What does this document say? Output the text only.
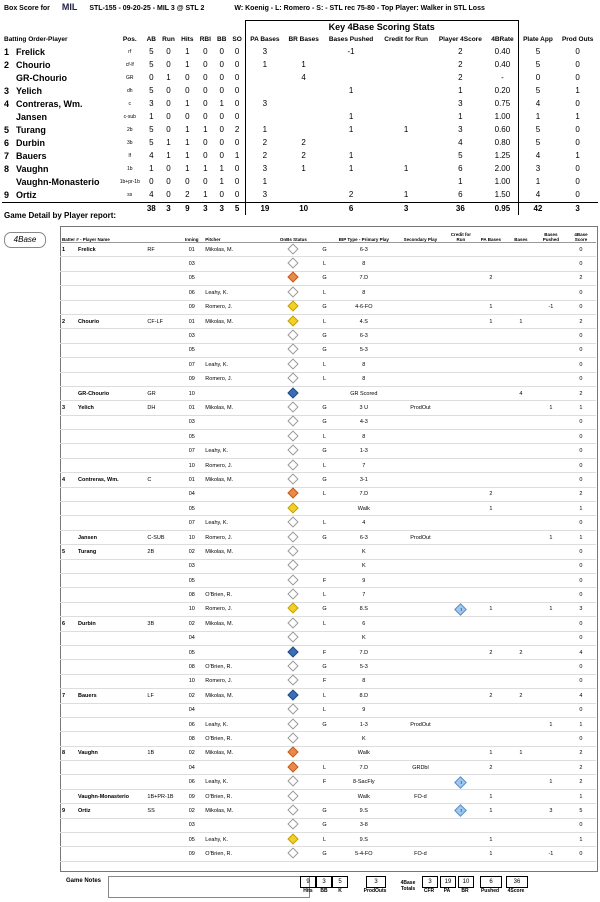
Box Score for MIL STL-155 - 09-20-25 - MIL 3 @ STL 2	W: Koenig - L: Romero - S: - STL rec 75-80 - Top Player: Walker in STL Loss
								Key 4Base Scoring Stats							
Batting Order-Player	Pos.	AB	Run	Hits	RBI	BB	SO	PA Bases	BR Bases	Bases Pushed	Credit for Run	Player 4Score	4BRate	Plate App	Prod Outs
1 Frelick	rf	5	0	1	0	0	0	3		-1		2	0.40	5	0
2 Chourio	cf-lf	5	0	1	0	0	0	1	1			2	0.40	5	0
GR-Chourio	GR	0	1	0	0	0	0		4			2	-	0	0
3 Yelich	dh	5	0	0	0	0	0			1		1	0.20	5	1
4 Contreras, Wm.	c	3	0	1	0	1	0	3				3	0.75	4	0
Jansen	c-sub	1	0	0	0	0	0			1		1	1.00	1	1
5 Turang	2b	5	0	1	1	0	2	1		1	1	3	0.60	5	0
6 Durbin	3b	5	1	1	0	0	0	2	2			4	0.80	5	0
7 Bauers	lf	4	1	1	0	0	1	2	2	1		5	1.25	4	1
8 Vaughn	1b	1	0	1	1	1	0	3	1	1	1	6	2.00	3	0
Vaughn-Monasterio	1b+pr-1b	0	0	0	0	1	0	1				1	1.00	1	0
9 Ortiz	ss	4	0	2	1	0	0	3		2	1	6	1.50	4	0
		38	3	9	3	3	5	19	10	6	3	36	0.95	42	3
Game Detail by Player report:
4Base	Batter # - Player Name		Inning	Pitcher	OnBs Status		BIP Type - Primary Play	Secondary Play	Credit for Run	PA Bases	Bases	Bases Pushed	4Base Score
1 Frelick	RF	01	Mikolas, M.		G	6-3						0
		03			L	8						0
		05			G	7.D			2			2
		06	Leahy, K.		L	8						0
		09	Romero, J.		G	4-6-FO			1		-1	0
2 Chourio	CF-LF	01	Mikolas, M.		L	4.S			1	1		2
		03			G	6-3						0
		05			G	5-3						0
		07	Leahy, K.		L	8						0
		09	Romero, J.		L	8						0
GR-Chourio	GR	10				GR Scored				4		2
3 Yelich	DH	01	Mikolas, M.		G	3 U	ProdOut				1	1
		03			G	4-3						0
		05			L	8						0
		07	Leahy, K.		G	1-3						0
		10	Romero, J.		L	7						0
4 Contreras, Wm.	C	01	Mikolas, M.		G	3-1						0
		04			L	7.D			2			2
		05				Walk			1			1
		07	Leahy, K.		L	4						0
Jansen	C-SUB	10	Romero, J.		G	6-3	ProdOut				1	1
5 Turang	2B	02	Mikolas, M.			K						0
		03				K						0
		05			F	9						0
		08	O'Brien, R.		L	7						0
		10	Romero, J.		G	8.S		1	1		1	3
6 Durbin	3B	02	Mikolas, M.		L	6						0
		04				K						0
		05			F	7.D			2	2		4
		08	O'Brien, R.		G	5-3						0
		10	Romero, J.		F	8						0
7 Bauers	LF	02	Mikolas, M.		L	8.D			2	2		4
		04			L	9						0
		06	Leahy, K.		G	1-3	ProdOut				1	1
		08	O'Brien, R.			K						0
8 Vaughn	1B	02	Mikolas, M.			Walk			1	1		2
		04			L	7.D	GRDbl		2			2
		06	Leahy, K.		F	8-SacFly		1			1	2
Vaughn-Monasterio	1B+PR-1B	09	O'Brien, R.			Walk	FO-d		1			1
9 Ortiz	SS	02	Mikolas, M.		G	9.S		1	1		3	5
		03			G	3-8						0
		05	Leahy, K.		L	9.S			1			1
		09	O'Brien, R.		G	5-4-FO	FO-d		1		-1	0
Game Notes	9	3	5
Hits	BB	K
3
ProdOuts
4Base Totals
3	19	10	6	36
CFR	PA	BR	Pushed	4Score
